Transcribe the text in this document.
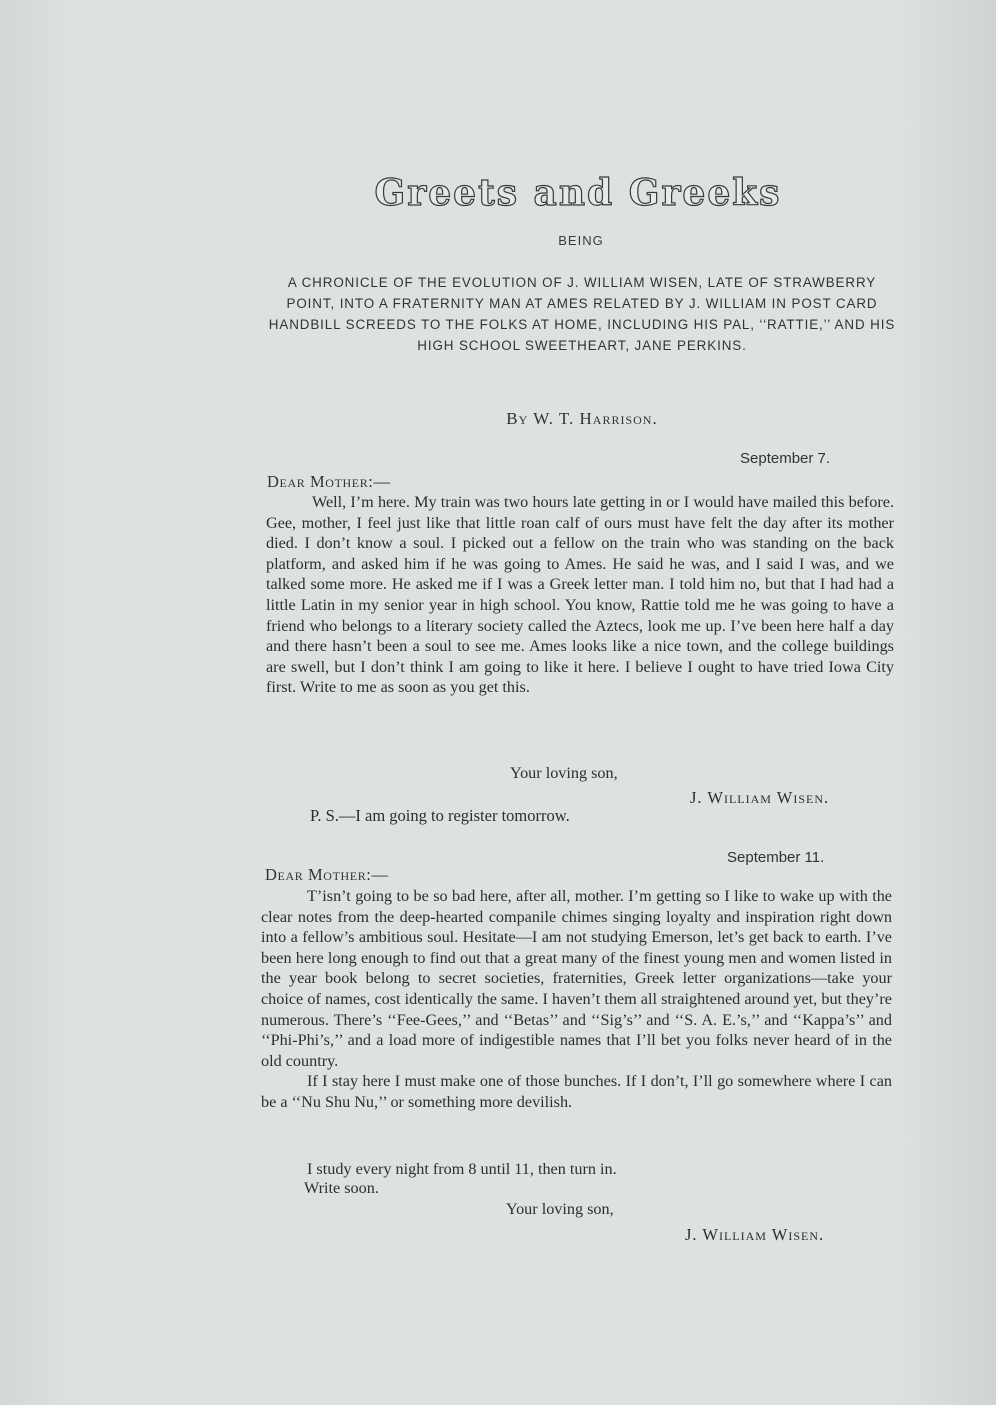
Greets and Greeks
BEING
A CHRONICLE OF THE EVOLUTION OF J. WILLIAM WISEN, LATE OF STRAWBERRY POINT, INTO A FRATERNITY MAN AT AMES RELATED BY J. WILLIAM IN POST CARD HANDBILL SCREEDS TO THE FOLKS AT HOME, INCLUDING HIS PAL, ‘‘RATTIE,’’ AND HIS HIGH SCHOOL SWEETHEART, JANE PERKINS.
By W. T. Harrison.
September 7.
Dear Mother:—

Well, I’m here. My train was two hours late getting in or I would have mailed this before. Gee, mother, I feel just like that little roan calf of ours must have felt the day after its mother died. I don’t know a soul. I picked out a fellow on the train who was standing on the back platform, and asked him if he was going to Ames. He said he was, and I said I was, and we talked some more. He asked me if I was a Greek letter man. I told him no, but that I had had a little Latin in my senior year in high school. You know, Rattie told me he was going to have a friend who belongs to a literary society called the Aztecs, look me up. I’ve been here half a day and there hasn’t been a soul to see me. Ames looks like a nice town, and the college buildings are swell, but I don’t think I am going to like it here. I believe I ought to have tried Iowa City first. Write to me as soon as you get this.

Your loving son,
J. William Wisen.
P. S.—I am going to register tomorrow.
September 11.
Dear Mother:—

T’isn’t going to be so bad here, after all, mother. I’m getting so I like to wake up with the clear notes from the deep-hearted companile chimes singing loyalty and inspiration right down into a fellow’s ambitious soul. Hesitate—I am not studying Emerson, let’s get back to earth. I’ve been here long enough to find out that a great many of the finest young men and women listed in the year book belong to secret societies, fraternities, Greek letter organizations—take your choice of names, cost identically the same. I haven’t them all straightened around yet, but they’re numerous. There’s ‘‘Fee-Gees,’’ and ‘‘Betas’’ and ‘‘Sig’s’’ and ‘‘S. A. E.’s,’’ and ‘‘Kappa’s’’ and ‘‘Phi-Phi’s,’’ and a load more of indigestible names that I’ll bet you folks never heard of in the old country.

If I stay here I must make one of those bunches. If I don’t, I’ll go somewhere where I can be a ‘‘Nu Shu Nu,’’ or something more devilish.

I study every night from 8 until 11, then turn in.
Write soon.
Your loving son,
J. William Wisen.
